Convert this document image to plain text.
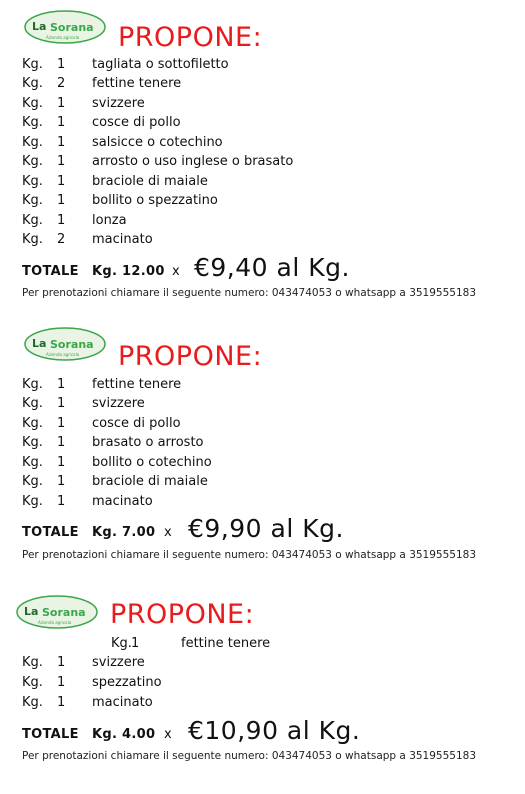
La Sorana
Azienda agricola PROPONE:
Kg. 1 tagliata o sottofiletto
Kg. 2 fettine tenere
Kg. 1 svizzere
Kg. 1 cosce di pollo
Kg. 1 salsicce o cotechino
Kg. 1 arrosto o uso inglese o brasato
Kg. 1 braciole di maiale
Kg. 1 bollito o spezzatino
Kg. 1 lonza
Kg. 2 macinato
TOTALE Kg. 12.00 x €9,40 al Kg.
Per prenotazioni chiamare il seguente numero: 043474053 o whatsapp a 3519555183
La Sorana
Azienda agricola PROPONE:
Kg. 1 fettine tenere
Kg. 1 svizzere
Kg. 1 cosce di pollo
Kg. 1 brasato o arrosto
Kg. 1 bollito o cotechino
Kg. 1 braciole di maiale
Kg. 1 macinato
TOTALE Kg. 7.00 x €9,90 al Kg.
Per prenotazioni chiamare il seguente numero: 043474053 o whatsapp a 3519555183
La Sorana
Azienda agricola PROPONE:
Kg. 1	fettine tenere
Kg. 1 svizzere
Kg. 1 spezzatino
Kg. 1 macinato
TOTALE Kg. 4.00 x €10,90 al Kg.
Per prenotazioni chiamare il seguente numero: 043474053 o whatsapp a 3519555183
